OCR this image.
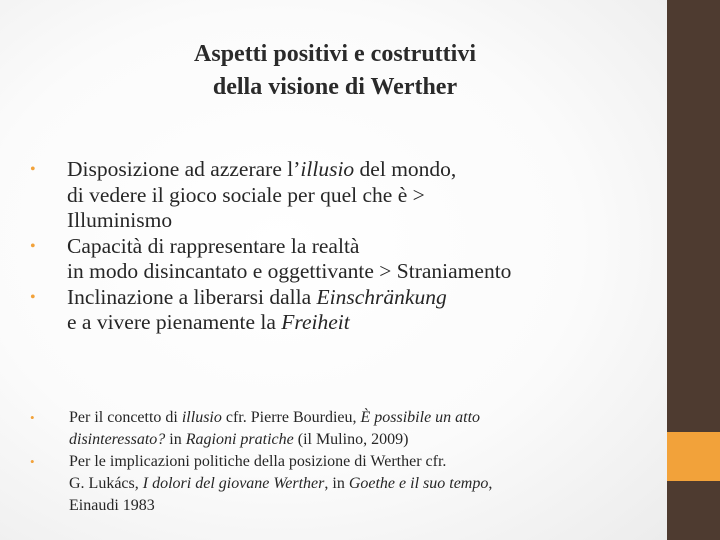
Aspetti positivi e costruttivi
della visione di Werther
• Disposizione ad azzerare l’illusio del mondo,
di vedere il gioco sociale per quel che è >
Illuminismo
• Capacità di rappresentare la realtà
in modo disincantato e oggettivante > Straniamento
• Inclinazione a liberarsi dalla Einschränkung
e a vivere pienamente la Freiheit
• Per il concetto di illusio cfr. Pierre Bourdieu, È possibile un atto
disinteressato? in Ragioni pratiche (il Mulino, 2009)
• Per le implicazioni politiche della posizione di Werther cfr.
G. Lukács, I dolori del giovane Werther, in Goethe e il suo tempo,
Einaudi 1983
